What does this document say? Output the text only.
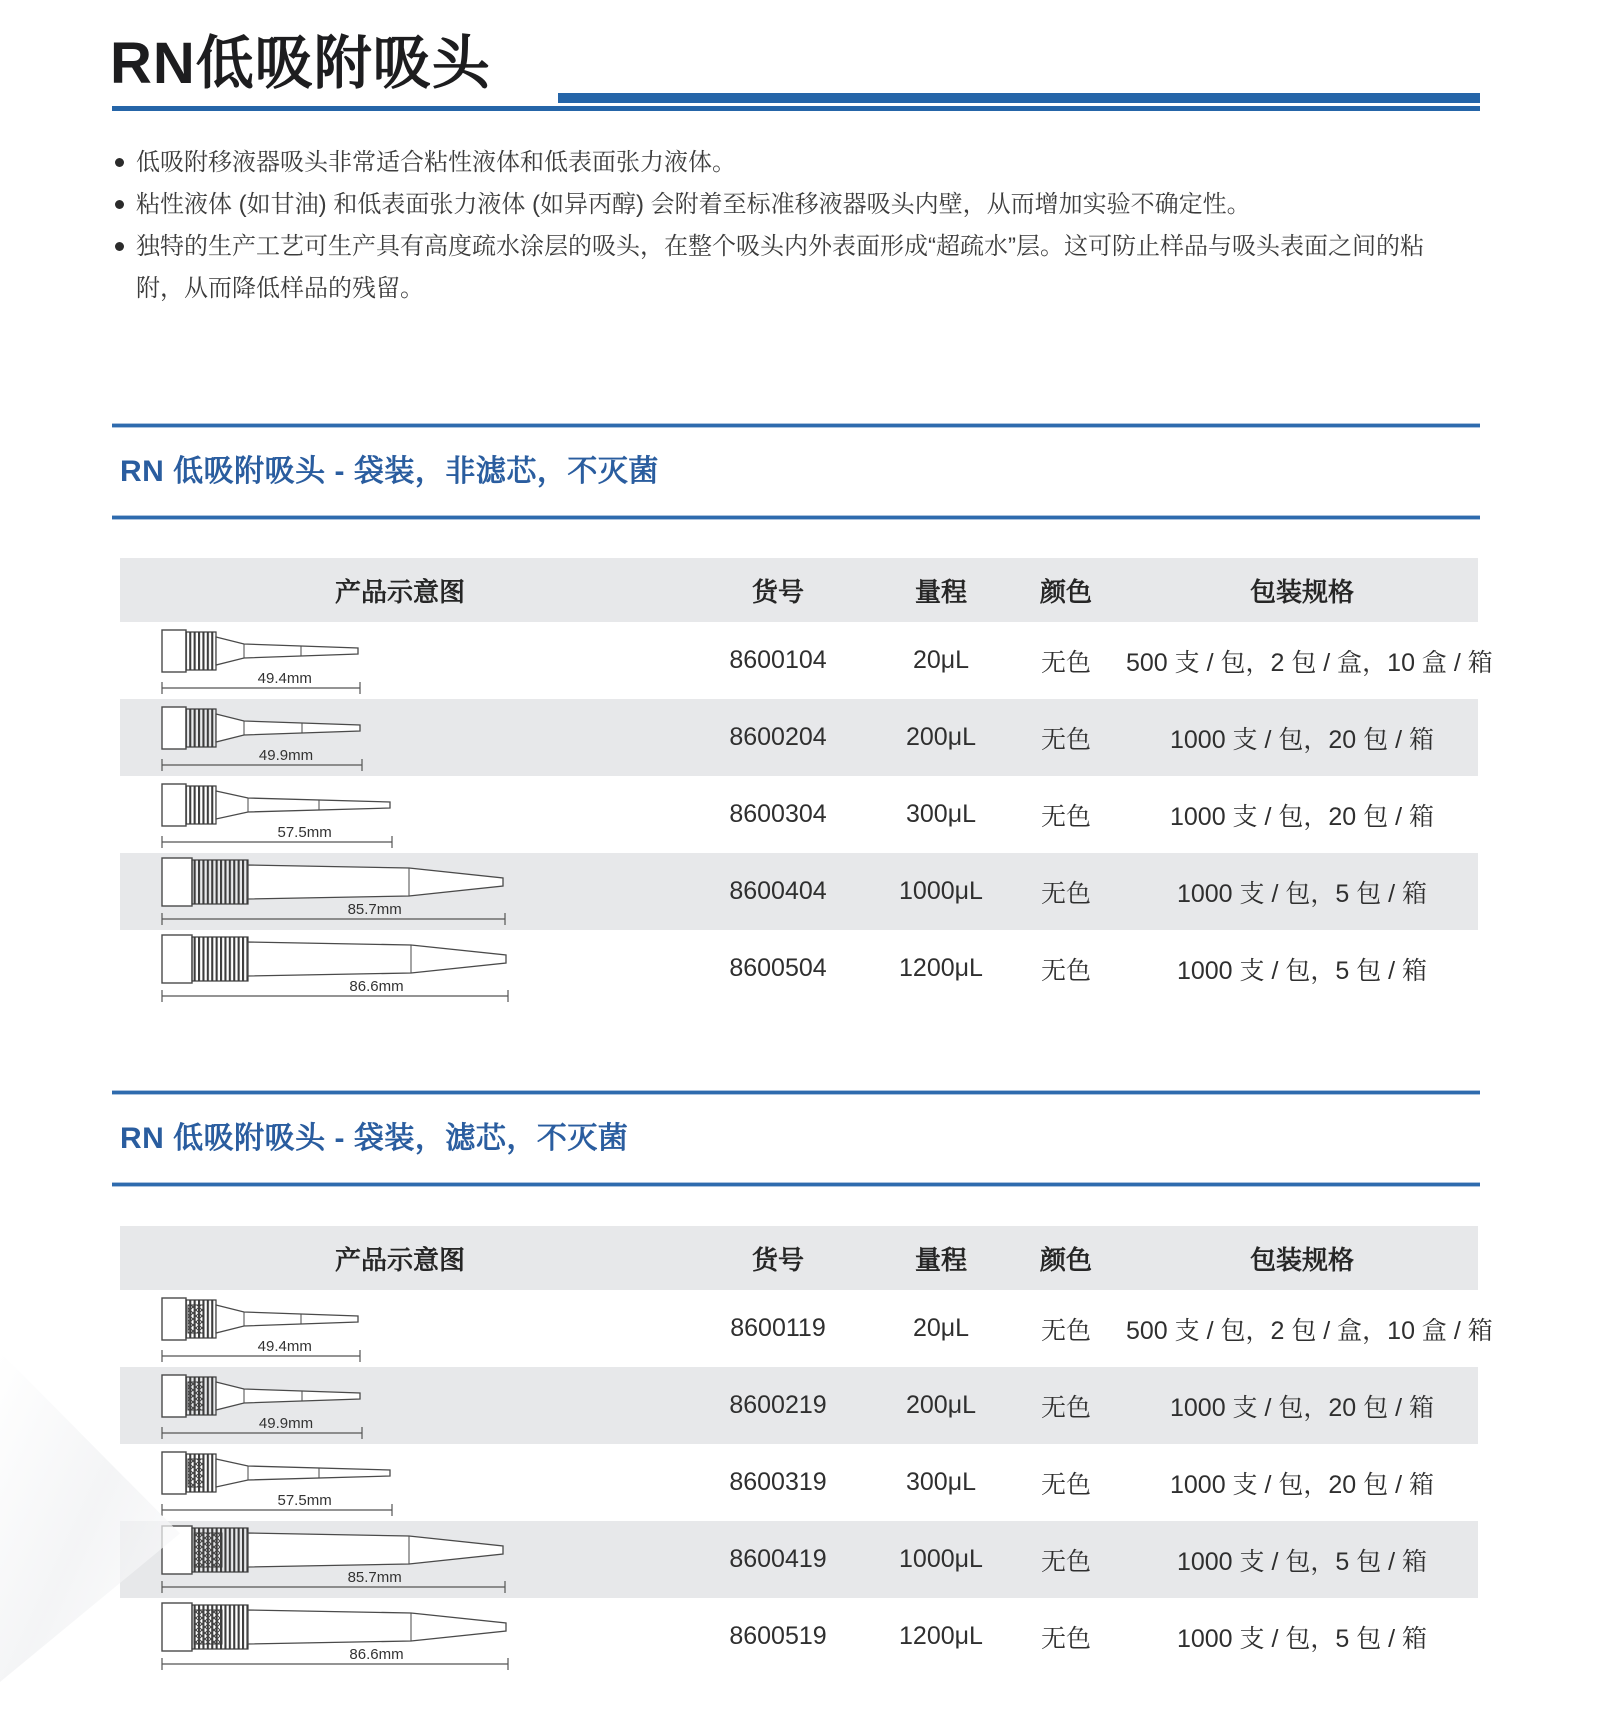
RN低吸附吸头
低吸附移液器吸头非常适合粘性液体和低表面张力液体。
粘性液体 (如甘油) 和低表面张力液体 (如异丙醇) 会附着至标准移液器吸头内壁，从而增加实验不确定性。
独特的生产工艺可生产具有高度疏水涂层的吸头，在整个吸头内外表面形成“超疏水”层。这可防止样品与吸头表面之间的粘附，从而降低样品的残留。
RN 低吸附吸头 - 袋装，非滤芯，不灭菌
产品示意图	货号	量程	颜色	包装规格
49.4mm
8600104	20μL	无色	500 支 / 包，2 包 / 盒，10 盒 / 箱
49.9mm
8600204	200μL	无色	1000 支 / 包，20 包 / 箱
57.5mm
8600304	300μL	无色	1000 支 / 包，20 包 / 箱
85.7mm
8600404	1000μL	无色	1000 支 / 包，5 包 / 箱
86.6mm
8600504	1200μL	无色	1000 支 / 包，5 包 / 箱
RN 低吸附吸头 - 袋装，滤芯，不灭菌
产品示意图	货号	量程	颜色	包装规格
49.4mm
8600119	20μL	无色	500 支 / 包，2 包 / 盒，10 盒 / 箱
49.9mm
8600219	200μL	无色	1000 支 / 包，20 包 / 箱
57.5mm
8600319	300μL	无色	1000 支 / 包，20 包 / 箱
85.7mm
8600419	1000μL	无色	1000 支 / 包，5 包 / 箱
86.6mm
8600519	1200μL	无色	1000 支 / 包，5 包 / 箱
